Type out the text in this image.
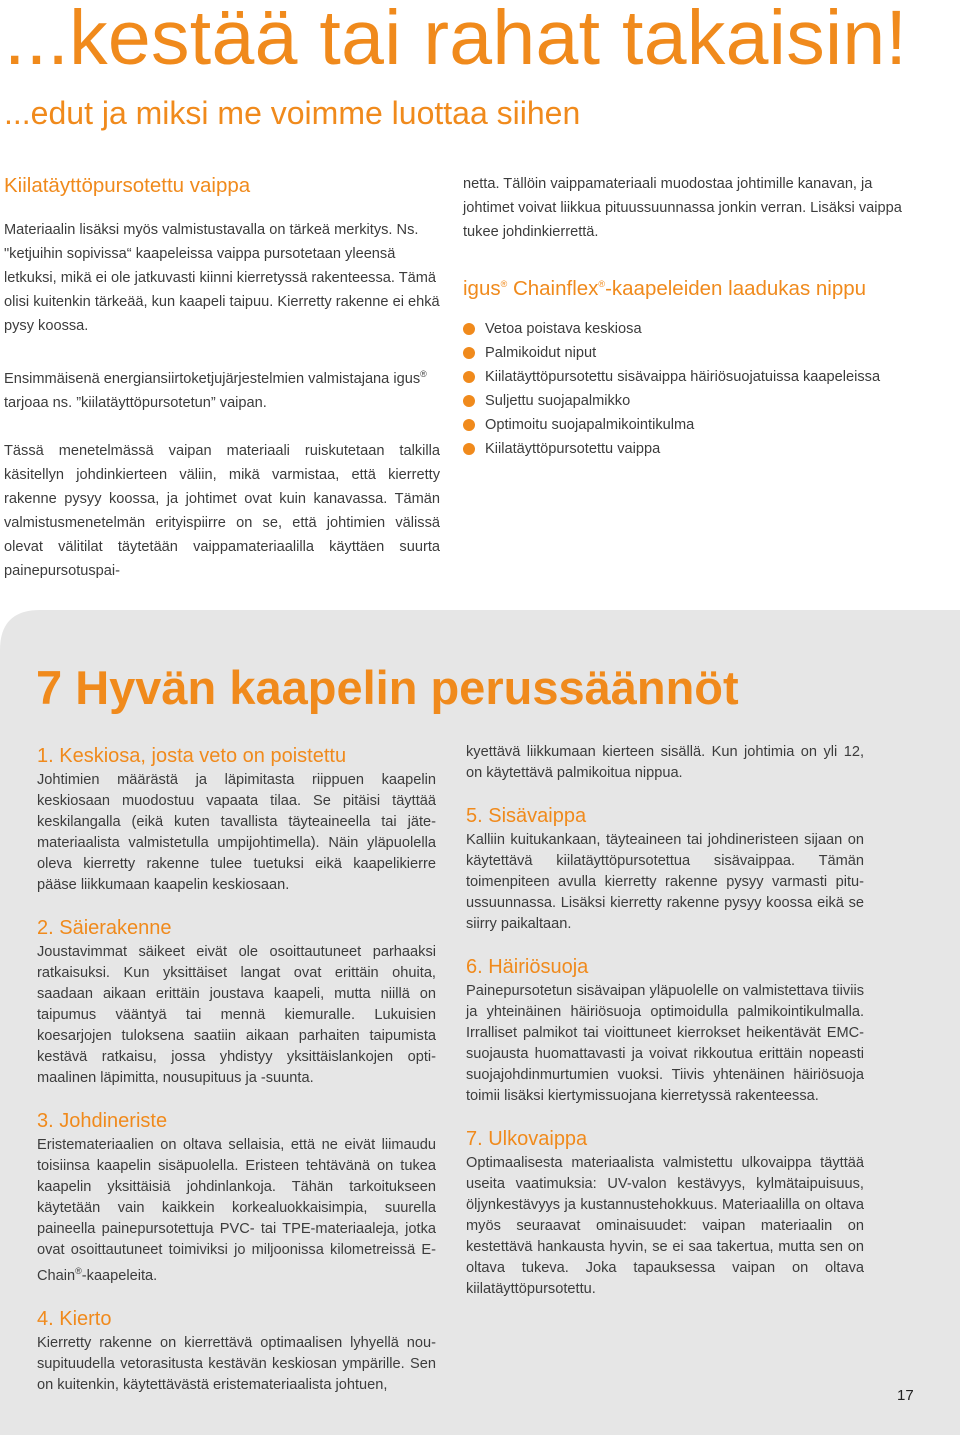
...kestää tai rahat takaisin!
...edut ja miksi me voimme luottaa siihen

Kiilatäyttöpursotettu vaippa

Materiaalin lisäksi myös valmistustavalla on tärkeä merkitys. Ns. "ketjuihin sopivissa“ kaapeleissa vaippa pursotetaan yleensä letkuksi, mikä ei ole jatkuvasti kiinni kierretyssä rakenteessa. Tämä olisi kuitenkin tärkeää, kun kaapeli taipuu. Kierretty rakenne ei ehkä pysy koossa.

Ensimmäisenä energiansiirtoketjujärjestelmien valmistajana igus® tarjoaa ns. ”kiilatäyttöpursotetun” vaipan.

Tässä menetelmässä vaipan materiaali ruiskutetaan talkilla käsitellyn johdinkierteen väliin, mikä varmistaa, että kierretty rakenne pysyy koossa, ja johtimet ovat kuin kanavassa. Tämän valmistusmenetelmän erityispiirre on se, että johtimien välissä olevat välitilat täytetään vaippamateriaalilla käyttäen suurta painepursotuspai-

netta. Tällöin vaippamateriaali muodostaa johtimille kanavan, ja johtimet voivat liikkua pituussuunnassa jonkin verran. Lisäksi vaippa tukee johdinkierrettä.

igus® Chainflex®-kaapeleiden laadukas nippu

Vetoa poistava keskiosa
Palmikoidut niput
Kiilatäyttöpursotettu sisävaippa häiriösuojatuissa kaapeleissa
Suljettu suojapalmikko
Optimoitu suojapalmikointikulma
Kiilatäyttöpursotettu vaippa
7 Hyvän kaapelin perussäännöt
1. Keskiosa, josta veto on poistettu

Johtimien määrästä ja läpimitasta riippuen kaapelin keskiosaan muodostuu vapaata tilaa. Se pitäisi täyttää keskilangalla (eikä kuten tavallista täyteaineella tai jätemateriaalista valmistetulla umpijohtimella). Näin yläpuolella oleva kierretty rakenne tulee tuetuksi eikä kaapelikierre pääse liikkumaan kaapelin keskiosaan.

2. Säierakenne

Joustavimmat säikeet eivät ole osoittautuneet parhaaksi ratkaisuksi. Kun yksittäiset langat ovat erittäin ohuita, saadaan aikaan erittäin joustava kaapeli, mutta niillä on taipumus vääntyä tai mennä kiemuralle. Lukuisien koesarjojen tuloksena saatiin aikaan parhaiten taipumista kestävä ratkaisu, jossa yhdistyy yksittäislankojen optimaalinen läpimitta, nousupituus ja -suunta.

3. Johdineriste

Eristemateriaalien on oltava sellaisia, että ne eivät liimaudu toisiinsa kaapelin sisäpuolella. Eristeen tehtävänä on tukea kaapelin yksittäisiä johdinlankoja. Tähän tarkoitukseen käytetään vain kaikkein korkealuokkaisimpia, suurella paineella painepursotettuja PVC- tai TPE-materiaaleja, jotka ovat osoittautuneet toimiviksi jo miljoonissa kilometreissä E-Chain®-kaapeleita.

4. Kierto

Kierretty rakenne on kierrettävä optimaalisen lyhyellä nousupituudella vetorasitusta kestävän keskiosan ympärille. Sen on kuitenkin, käytettävästä eristemateriaalista johtuen,

kyettävä liikkumaan kierteen sisällä. Kun johtimia on yli 12, on käytettävä palmikoitua nippua.

5. Sisävaippa

Kalliin kuitukankaan, täyteaineen tai johdineristeen sijaan on käytettävä kiilatäyttöpursotettua sisävaippaa. Tämän toimenpiteen avulla kierretty rakenne pysyy varmasti pituussuunnassa. Lisäksi kierretty rakenne pysyy koossa eikä se siirry paikaltaan.

6. Häiriösuoja

Painepursotetun sisävaipan yläpuolelle on valmistettava tiiviis ja yhteinäinen häiriösuoja optimoidulla palmikointikulmalla. Irralliset palmikot tai vioittuneet kierrokset heikentävät EMC-suojausta huomattavasti ja voivat rikkoutua erittäin nopeasti suojajohdinmurtumien vuoksi. Tiivis yhtenäinen häiriösuoja toimii lisäksi kiertymissuojana kierretyssä rakenteessa.

7. Ulkovaippa

Optimaalisesta materiaalista valmistettu ulkovaippa täyttää useita vaatimuksia: UV-valon kestävyys, kylmätaipuisuus, öljynkestävyys ja kustannustehokkuus. Materiaalilla on oltava myös seuraavat ominaisuudet: vaipan materiaalin on kestettävä hankausta hyvin, se ei saa takertua, mutta sen on oltava tukeva. Joka tapauksessa vaipan on oltava kiilatäyttöpursotettu.

17
